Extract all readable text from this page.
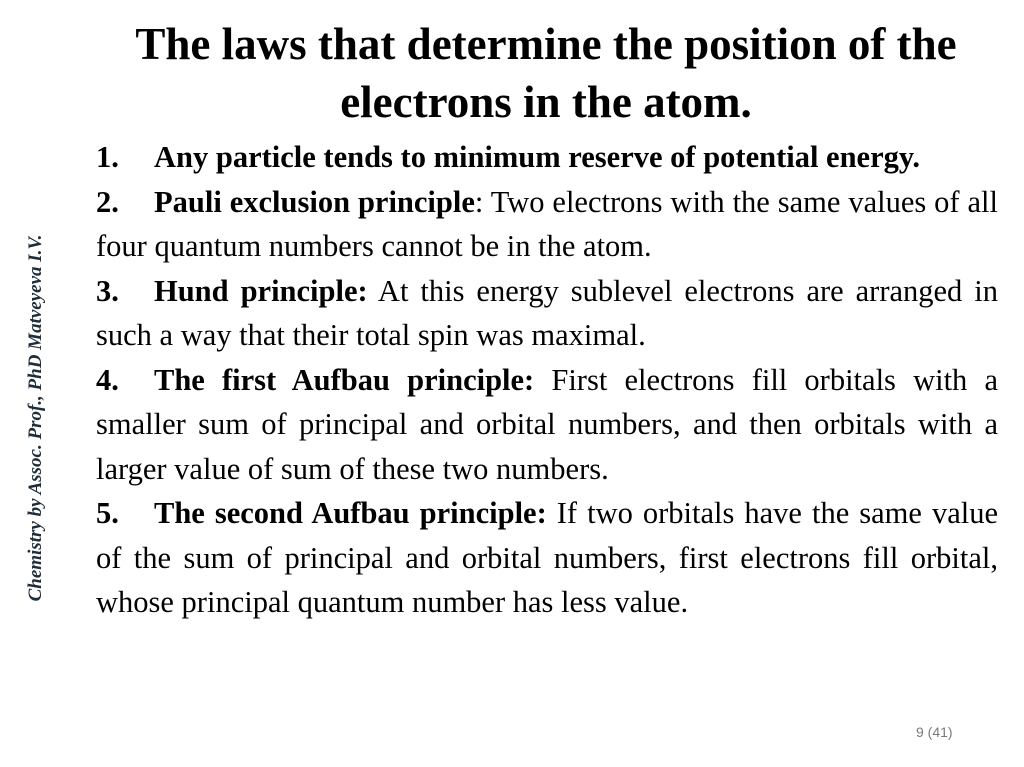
Chemistry by Assoc. Prof., PhD Matveyeva I.V.
The laws that determine the position of the electrons in the atom.
1. Any particle tends to minimum reserve of potential energy.
2. Pauli exclusion principle: Two electrons with the same values of all four quantum numbers cannot be in the atom.
3. Hund principle: At this energy sublevel electrons are arranged in such a way that their total spin was maximal.
4. The first Aufbau principle: First electrons fill orbitals with a smaller sum of principal and orbital numbers, and then orbitals with a larger value of sum of these two numbers.
5. The second Aufbau principle: If two orbitals have the same value of the sum of principal and orbital numbers, first electrons fill orbital, whose principal quantum number has less value.
9 (41)
